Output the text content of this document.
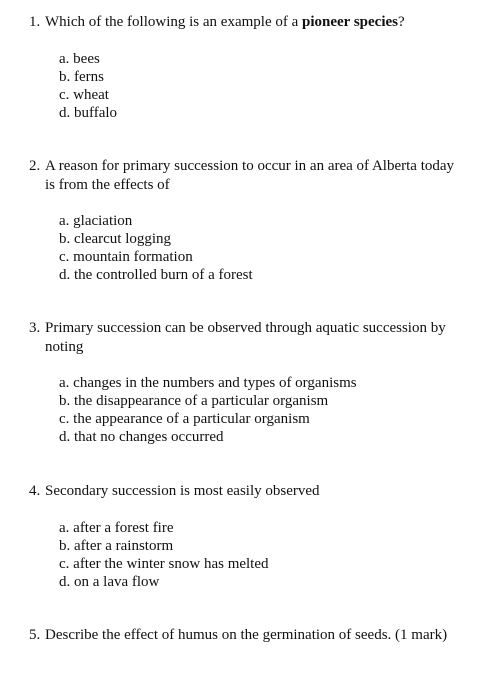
1. Which of the following is an example of a pioneer species?

a. bees
b. ferns
c. wheat
d. buffalo

2. A reason for primary succession to occur in an area of Alberta today is from the effects of

a. glaciation
b. clearcut logging
c. mountain formation
d. the controlled burn of a forest

3. Primary succession can be observed through aquatic succession by noting

a. changes in the numbers and types of organisms
b. the disappearance of a particular organism
c. the appearance of a particular organism
d. that no changes occurred

4. Secondary succession is most easily observed

a. after a forest fire
b. after a rainstorm
c. after the winter snow has melted
d. on a lava flow

5. Describe the effect of humus on the germination of seeds. (1 mark)
